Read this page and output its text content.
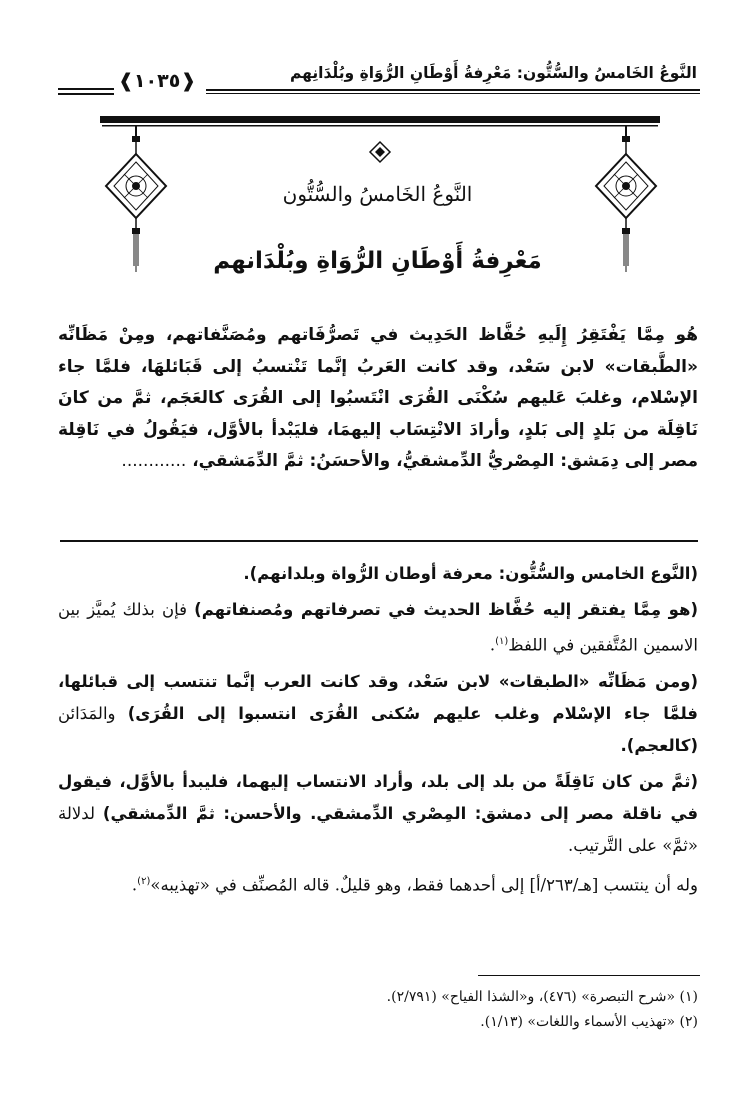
النَّوعُ الخَامسُ والسُّتُّون: مَعْرِفةُ أَوْطَانِ الرُّوَاةِ وبُلْدَانِهم
❰١٠٣٥❱
النَّوعُ الخَامسُ والسُّتُّون
مَعْرِفةُ أَوْطَانِ الرُّوَاةِ وبُلْدَانهم

هُو مِمَّا يَفْتَقِرُ إِلَيهِ حُفَّاظ الحَدِيث في تَصرُّفَاتهم ومُصَنَّفاتهم، ومِنْ مَظَانِّه «الطَّبقات» لابن سَعْد، وقد كانت العَربُ إنَّما تَنْتسبُ إلى قَبَائلهَا، فلمَّا جاء الإسْلام، وغلبَ عَليهم سُكْنَى القُرَى انْتَسبُوا إلى القُرَى كالعَجَم، ثمَّ من كانَ نَاقِلَة من بَلدٍ إلى بَلدٍ، وأرادَ الانْتِسَاب إليهمَا، فليَبْدأ بالأوَّل، فيَقُولُ في نَاقِلة مصر إلى دِمَشق: المِصْريُّ الدِّمشقيُّ، والأحسَنُ: ثمَّ الدِّمَشقي، ............

(النَّوع الخامس والسُّتُّون: معرفة أوطان الرُّواة وبلدانهم).

(هو مِمَّا يفتقر إليه حُفَّاظ الحديث في تصرفاتهم ومُصنفاتهم) فإن بذلك يُميَّز بين الاسمين المُتَّفقين في اللفظ$^{(١)}$.

(ومن مَظَانِّه «الطبقات» لابن سَعْد، وقد كانت العرب إنَّما تنتسب إلى قبائلها، فلمَّا جاء الإسْلام وغلب عليهم سُكنى القُرَى انتسبوا إلى القُرَى) والمَدَائن (كالعجم).

(ثمَّ من كان نَاقِلَةً من بلد إلى بلد، وأراد الانتساب إليهما، فليبدأ بالأوَّل، فيقول في ناقلة مصر إلى دمشق: المِصْري الدِّمشقي. والأحسن: ثمَّ الدِّمشقي) لدلالة «ثمَّ» على التَّرتيب.

وله أن ينتسب [هـ/٢٦٣/أ] إلى أحدهما فقط، وهو قليلٌ. قاله المُصنِّف في «تهذيبه»$^{(٢)}$.

(١) «شرح التبصرة» (٤٧٦)، و«الشذا الفياح» (٢/٧٩١).

(٢) «تهذيب الأسماء واللغات» (١/١٣).
